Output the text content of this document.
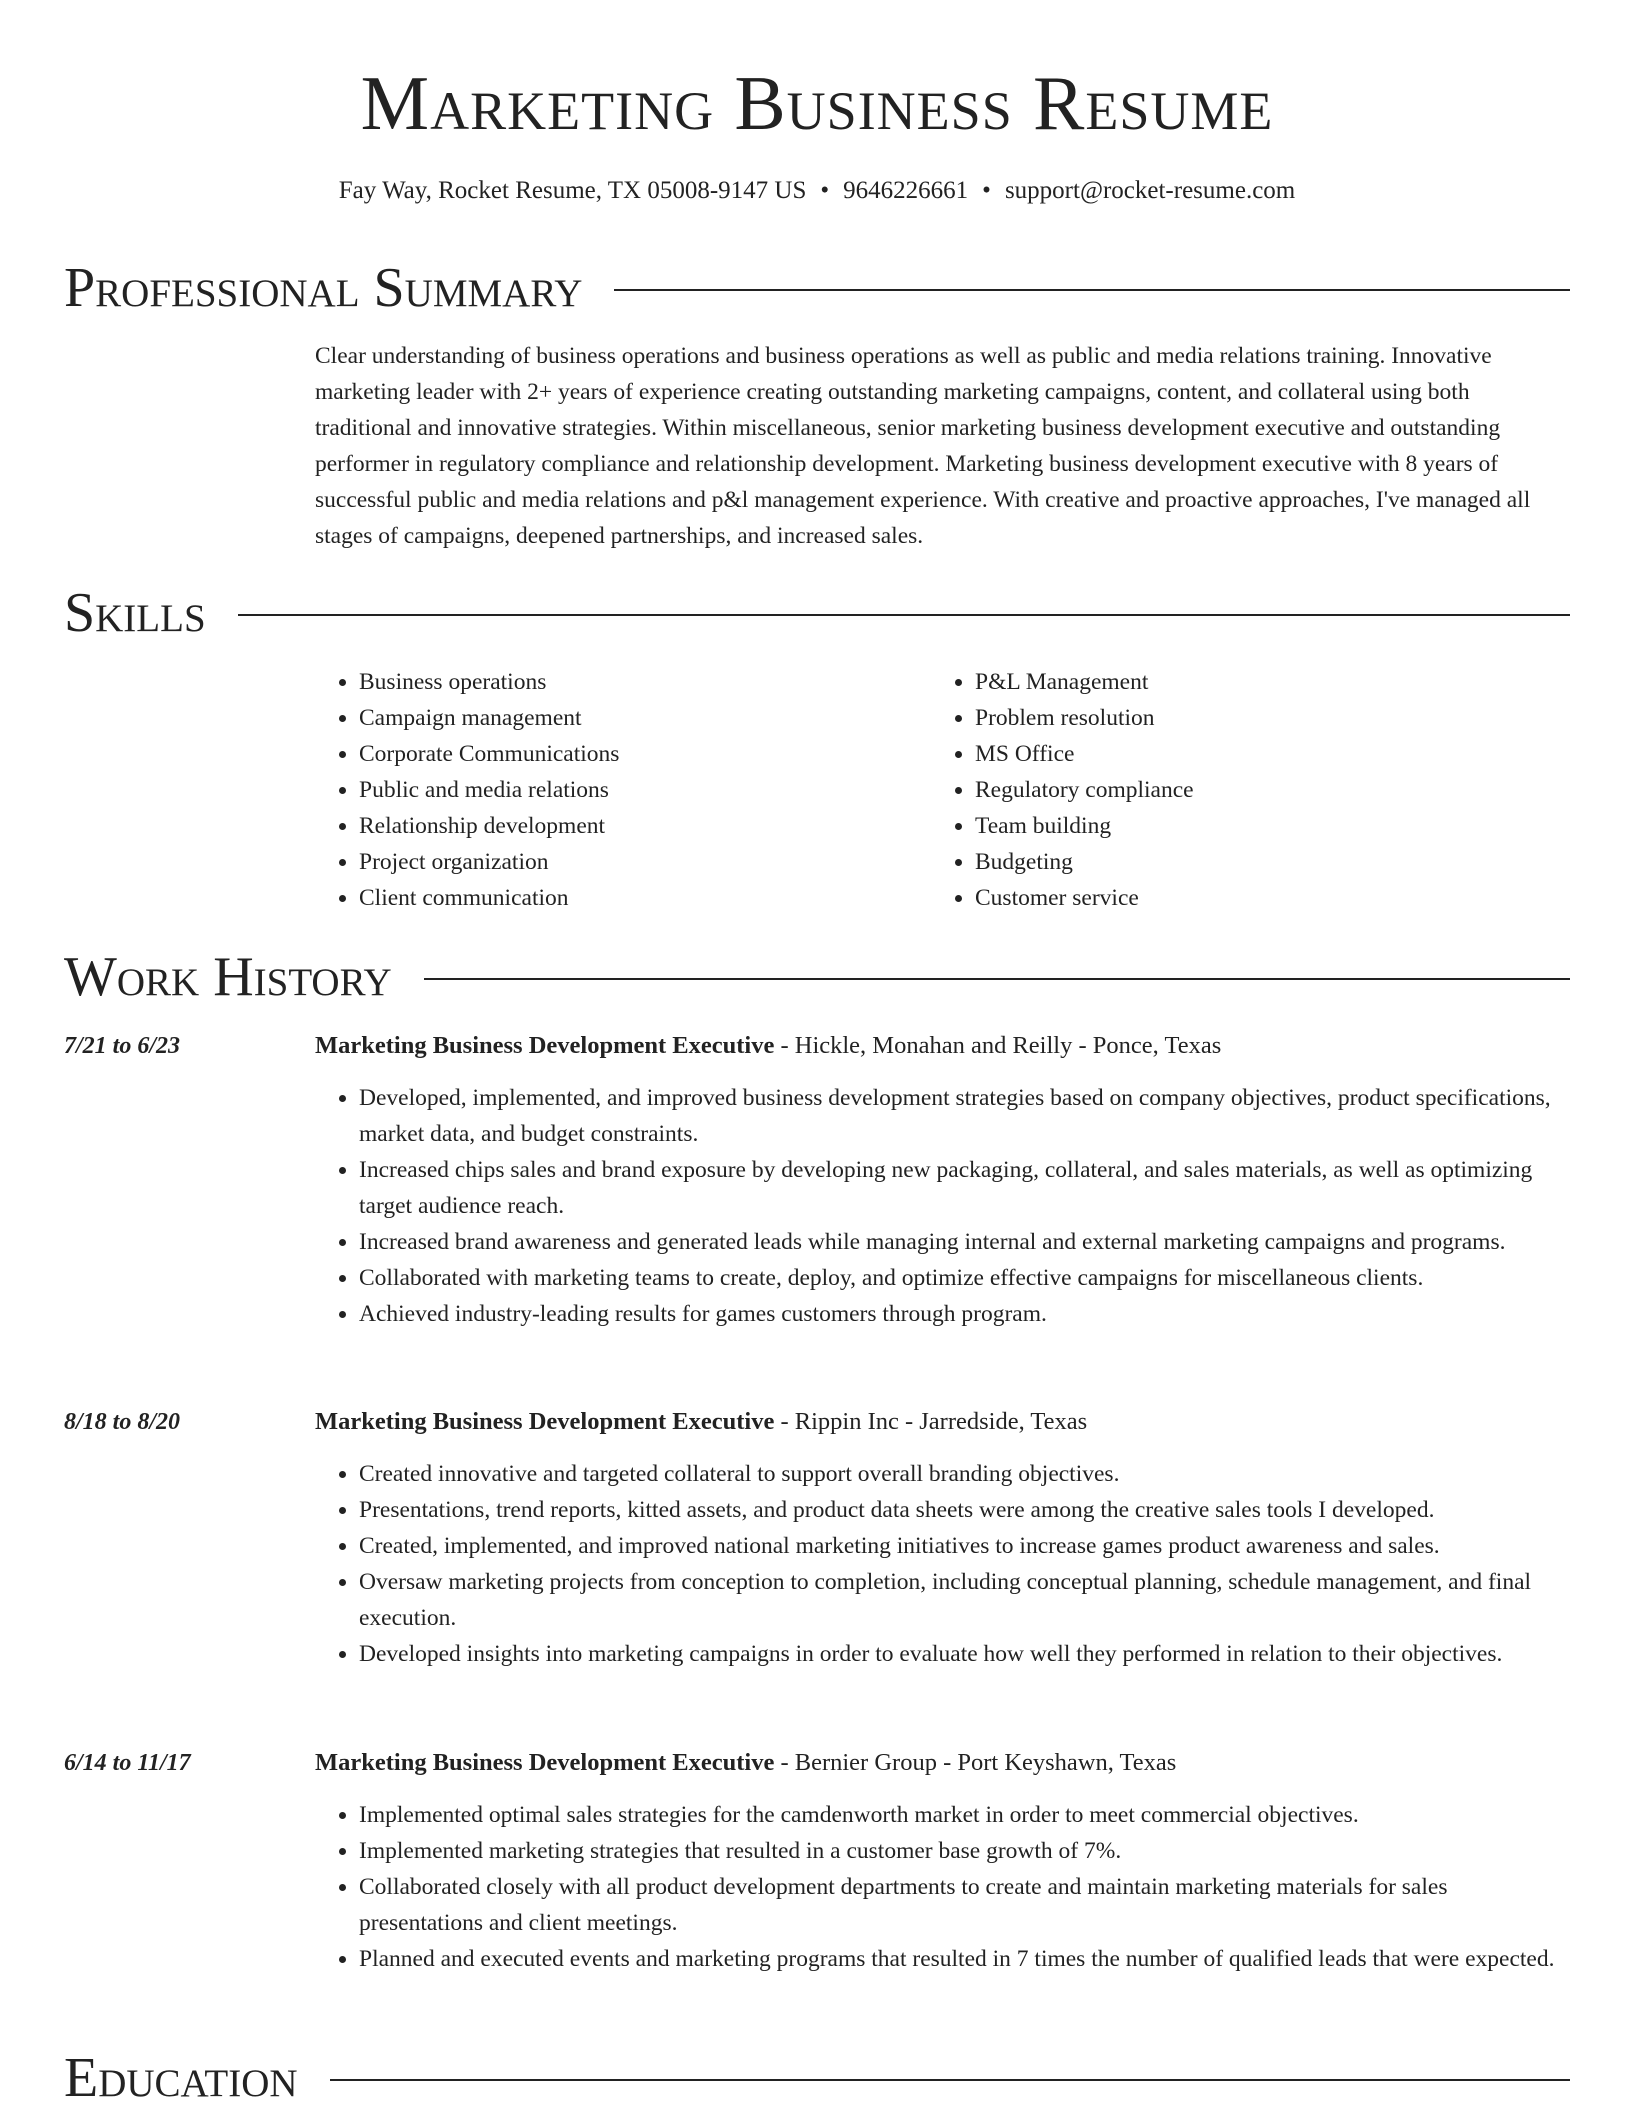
Marketing Business Resume
Fay Way, Rocket Resume, TX 05008-9147 US • 9646226661 • support@rocket-resume.com
Professional Summary

Clear understanding of business operations and business operations as well as public and media relations training. Innovative marketing leader with 2+ years of experience creating outstanding marketing campaigns, content, and collateral using both traditional and innovative strategies. Within miscellaneous, senior marketing business development executive and outstanding performer in regulatory compliance and relationship development. Marketing business development executive with 8 years of successful public and media relations and p&l management experience. With creative and proactive approaches, I've managed all stages of campaigns, deepened partnerships, and increased sales.

Skills
• Business operations
• Campaign management
• Corporate Communications
• Public and media relations
• Relationship development
• Project organization
• Client communication
• P&L Management
• Problem resolution
• MS Office
• Regulatory compliance
• Team building
• Budgeting
• Customer service
Work History
7/21 to 6/23	Marketing Business Development Executive - Hickle, Monahan and Reilly - Ponce, Texas
• Developed, implemented, and improved business development strategies based on company objectives, product specifications, market data, and budget constraints.
• Increased chips sales and brand exposure by developing new packaging, collateral, and sales materials, as well as optimizing target audience reach.
• Increased brand awareness and generated leads while managing internal and external marketing campaigns and programs.
• Collaborated with marketing teams to create, deploy, and optimize effective campaigns for miscellaneous clients.
• Achieved industry-leading results for games customers through program.
8/18 to 8/20	Marketing Business Development Executive - Rippin Inc - Jarredside, Texas
• Created innovative and targeted collateral to support overall branding objectives.
• Presentations, trend reports, kitted assets, and product data sheets were among the creative sales tools I developed.
• Created, implemented, and improved national marketing initiatives to increase games product awareness and sales.
• Oversaw marketing projects from conception to completion, including conceptual planning, schedule management, and final execution.
• Developed insights into marketing campaigns in order to evaluate how well they performed in relation to their objectives.
6/14 to 11/17	Marketing Business Development Executive - Bernier Group - Port Keyshawn, Texas
• Implemented optimal sales strategies for the camdenworth market in order to meet commercial objectives.
• Implemented marketing strategies that resulted in a customer base growth of 7%.
• Collaborated closely with all product development departments to create and maintain marketing materials for sales presentations and client meetings.
• Planned and executed events and marketing programs that resulted in 7 times the number of qualified leads that were expected.
Education
